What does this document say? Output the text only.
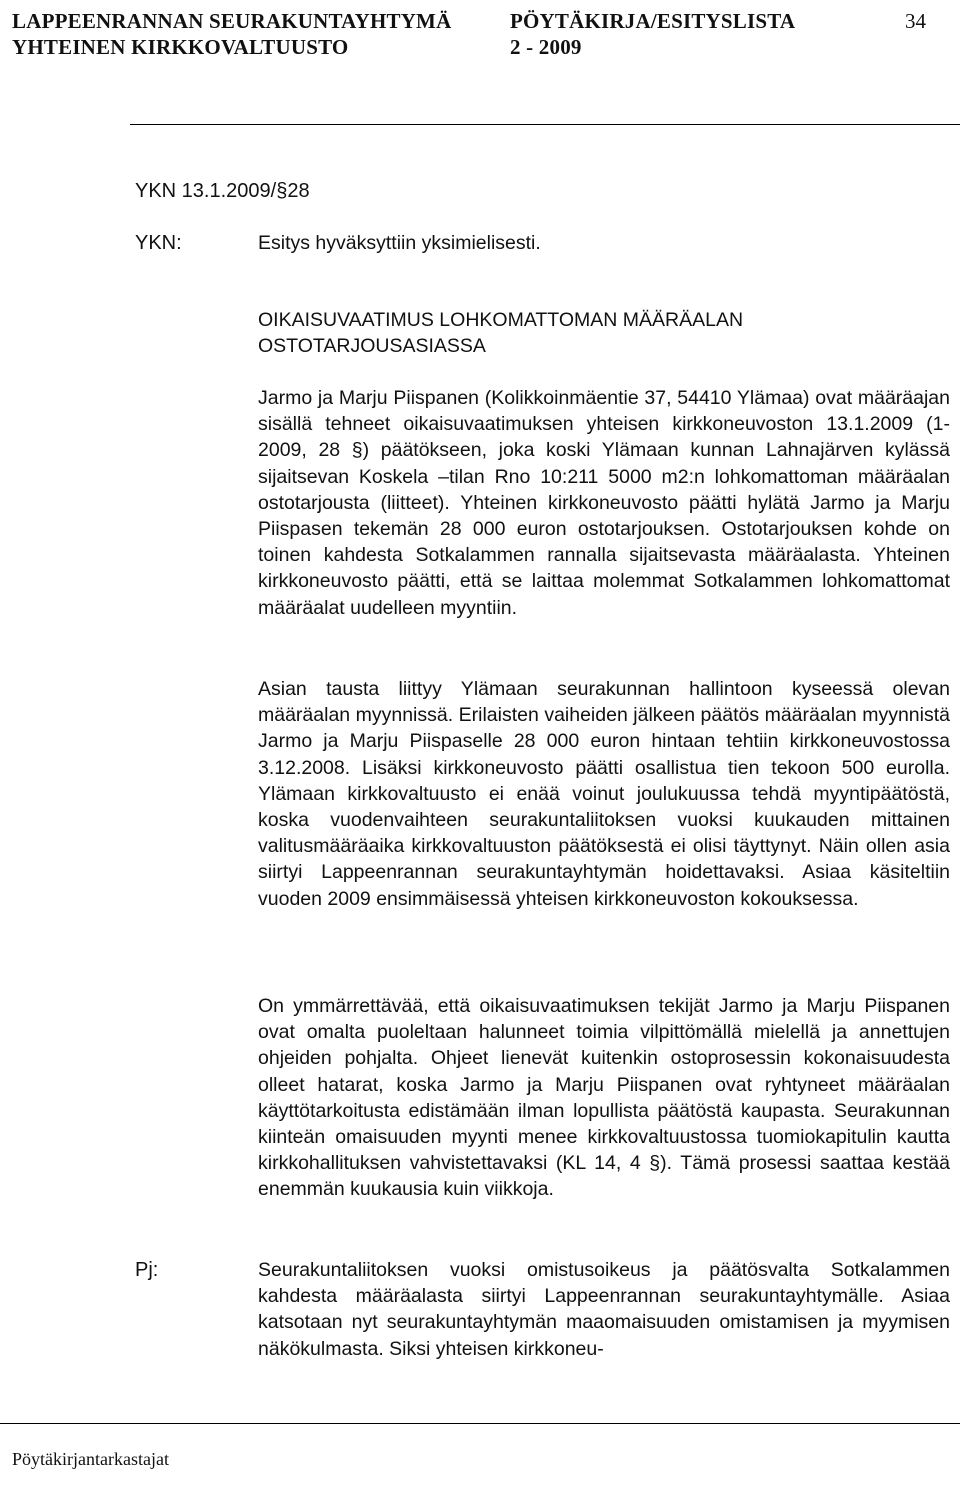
LAPPEENRANNAN SEURAKUNTAYHTYMÄ
YHTEINEN KIRKKOVALTUUSTO
PÖYTÄKIRJA/ESITYSLISTA
2 - 2009
34
YKN 13.1.2009/§28
YKN:	Esitys hyväksyttiin yksimielisesti.

OIKAISUVAATIMUS LOHKOMATTOMAN MÄÄRÄALAN
OSTOTARJOUSASIASSA

Jarmo ja Marju Piispanen (Kolikkoinmäentie 37, 54410 Ylämaa) ovat määräajan sisällä tehneet oikaisuvaatimuksen yhteisen kirkkoneuvoston 13.1.2009 (1-2009, 28 §) päätökseen, joka koski Ylämaan kunnan Lahnajärven kylässä sijaitsevan Koskela –tilan Rno 10:211 5000 m2:n lohkomattoman määräalan ostotarjousta (liitteet). Yhteinen kirkkoneuvosto päätti hylätä Jarmo ja Marju Piispasen tekemän 28 000 euron ostotarjouksen. Ostotarjouksen kohde on toinen kahdesta Sotkalammen rannalla sijaitsevasta määräalasta. Yhteinen kirkkoneuvosto päätti, että se laittaa molemmat Sotkalammen lohkomattomat määräalat uudelleen myyntiin.

Asian tausta liittyy Ylämaan seurakunnan hallintoon kyseessä olevan määräalan myynnissä. Erilaisten vaiheiden jälkeen päätös määräalan myynnistä Jarmo ja Marju Piispaselle 28 000 euron hintaan tehtiin kirkkoneuvostossa 3.12.2008. Lisäksi kirkkoneuvosto päätti osallistua tien tekoon 500 eurolla. Ylämaan kirkkovaltuusto ei enää voinut joulukuussa tehdä myyntipäätöstä, koska vuodenvaihteen seurakuntaliitoksen vuoksi kuukauden mittainen valitusmääräaika kirkkovaltuuston päätöksestä ei olisi täyttynyt. Näin ollen asia siirtyi Lappeenrannan seurakuntayhtymän hoidettavaksi. Asiaa käsiteltiin vuoden 2009 ensimmäisessä yhteisen kirkkoneuvoston kokouksessa.

On ymmärrettävää, että oikaisuvaatimuksen tekijät Jarmo ja Marju Piispanen ovat omalta puoleltaan halunneet toimia vilpittömällä mielellä ja annettujen ohjeiden pohjalta. Ohjeet lienevät kuitenkin ostoprosessin kokonaisuudesta olleet hatarat, koska Jarmo ja Marju Piispanen ovat ryhtyneet määräalan käyttötarkoitusta edistämään ilman lopullista päätöstä kaupasta. Seurakunnan kiinteän omaisuuden myynti menee kirkkovaltuustossa tuomiokapitulin kautta kirkkohallituksen vahvistettavaksi (KL 14, 4 §). Tämä prosessi saattaa kestää enemmän kuukausia kuin viikkoja.

Pj:	Seurakuntaliitoksen vuoksi omistusoikeus ja päätösvalta Sotkalammen kahdesta määräalasta siirtyi Lappeenrannan seurakuntayhtymälle. Asiaa katsotaan nyt seurakuntayhtymän maaomaisuuden omistamisen ja myymisen näkökulmasta. Siksi yhteisen kirkkoneu-

Pöytäkirjantarkastajat
